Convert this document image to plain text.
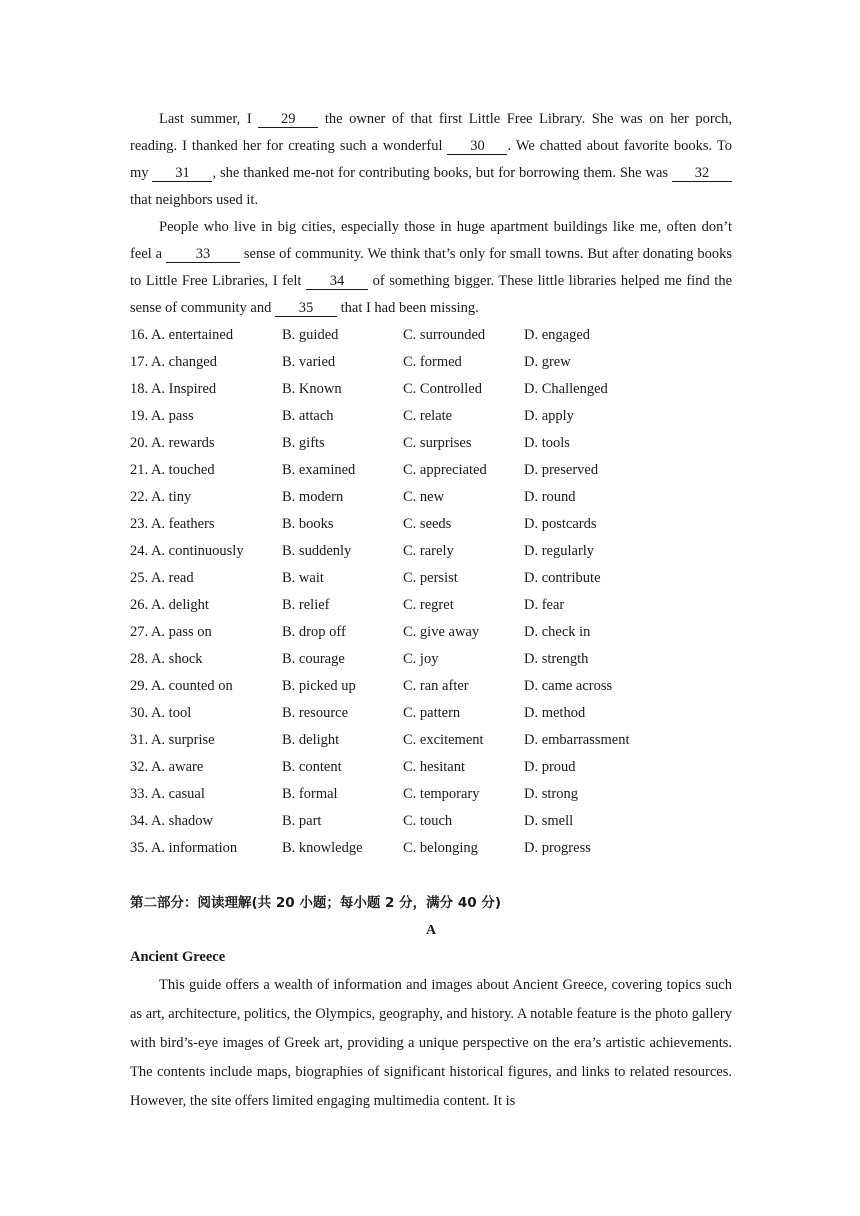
Last summer, I 29 the owner of that first Little Free Library. She was on her porch, reading. I thanked her for creating such a wonderful 30 . We chatted about favorite books. To my 31 , she thanked me-not for contributing books, but for borrowing them. She was 32 that neighbors used it.

People who live in big cities, especially those in huge apartment buildings like me, often don’t feel a 33 sense of community. We think that’s only for small towns. But after donating books to Little Free Libraries, I felt 34 of something bigger. These little libraries helped me find the sense of community and 35 that I had been missing.

16. A. entertained	B. guided	C. surrounded	D. engaged
17. A. changed	B. varied	C. formed	D. grew
18. A. Inspired	B. Known	C. Controlled	D. Challenged
19. A. pass	B. attach	C. relate	D. apply
20. A. rewards	B. gifts	C. surprises	D. tools
21. A. touched	B. examined	C. appreciated	D. preserved
22. A. tiny	B. modern	C. new	D. round
23. A. feathers	B. books	C. seeds	D. postcards
24. A. continuously	B. suddenly	C. rarely	D. regularly
25. A. read	B. wait	C. persist	D. contribute
26. A. delight	B. relief	C. regret	D. fear
27. A. pass on	B. drop off	C. give away	D. check in
28. A. shock	B. courage	C. joy	D. strength
29. A. counted on	B. picked up	C. ran after	D. came across
30. A. tool	B. resource	C. pattern	D. method
31. A. surprise	B. delight	C. excitement	D. embarrassment
32. A. aware	B. content	C. hesitant	D. proud
33. A. casual	B. formal	C. temporary	D. strong
34. A. shadow	B. part	C. touch	D. smell
35. A. information	B. knowledge	C. belonging	D. progress
第二部分：阅读理解(共 20 小题；每小题 2 分，满分 40 分)
A
Ancient Greece

This guide offers a wealth of information and images about Ancient Greece, covering topics such as art, architecture, politics, the Olympics, geography, and history. A notable feature is the photo gallery with bird’s-eye images of Greek art, providing a unique perspective on the era’s artistic achievements. The contents include maps, biographies of significant historical figures, and links to related resources. However, the site offers limited engaging multimedia content. It is
